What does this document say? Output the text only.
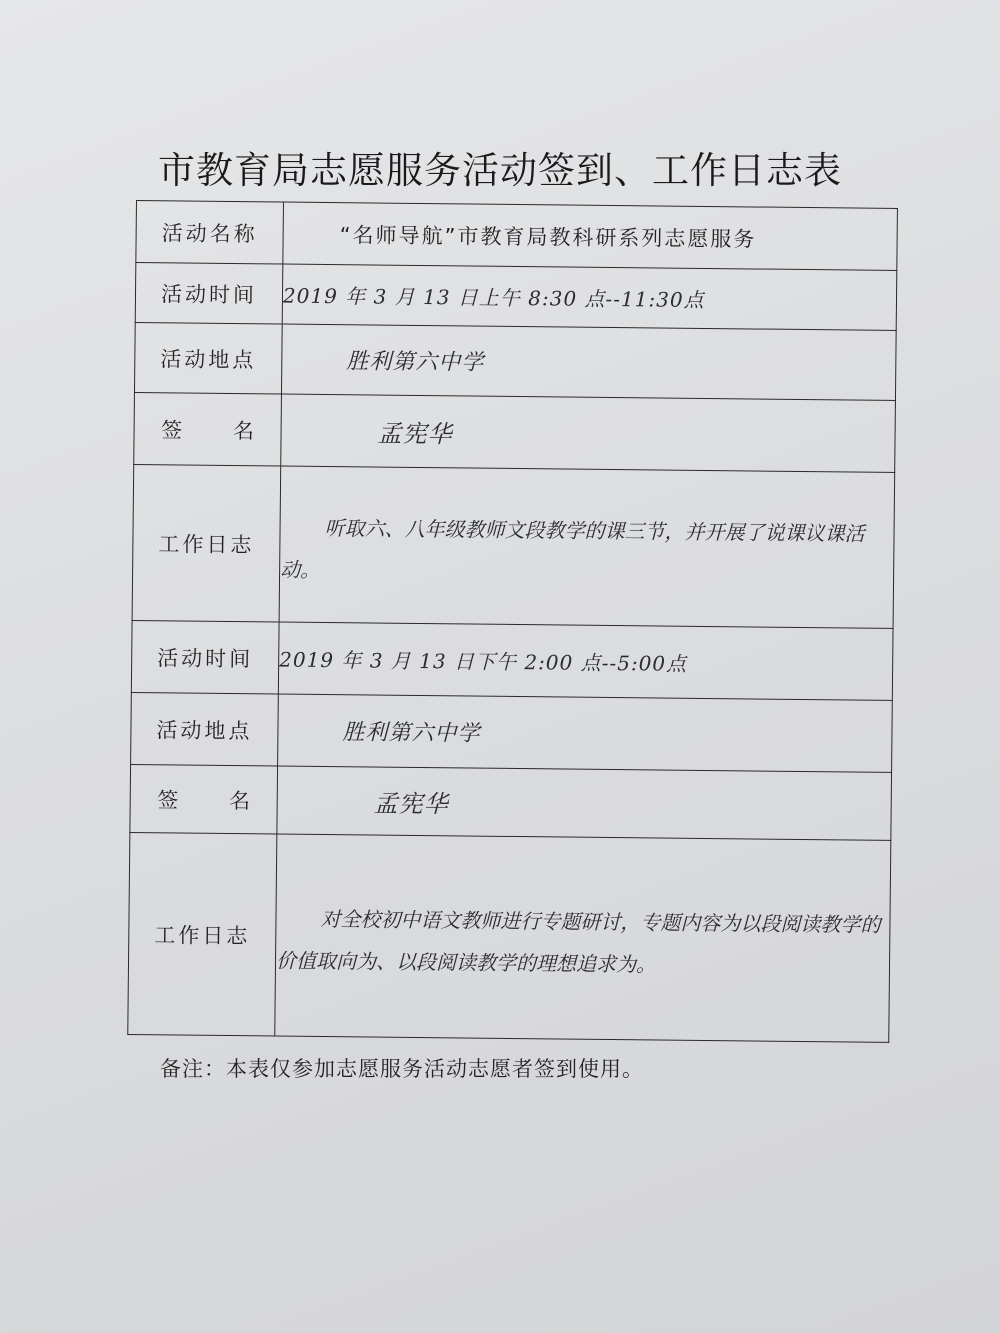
市教育局志愿服务活动签到、工作日志表
活动名称	“名师导航”市教育局教科研系列志愿服务
活动时间	2019 年 3 月 13 日上午 8:30 点--11:30点
活动地点	胜利第六中学
签 名	孟宪华
工作日志	听取六、八年级教师文段教学的课三节，并开展了说课议课活动。

活动时间	2019 年 3 月 13 日下午 2:00 点--5:00点
活动地点	胜利第六中学
签 名	孟宪华
工作日志	对全校初中语文教师进行专题研讨，专题内容为以段阅读教学的价值取向为、以段阅读教学的理想追求为。
备注：本表仅参加志愿服务活动志愿者签到使用。
